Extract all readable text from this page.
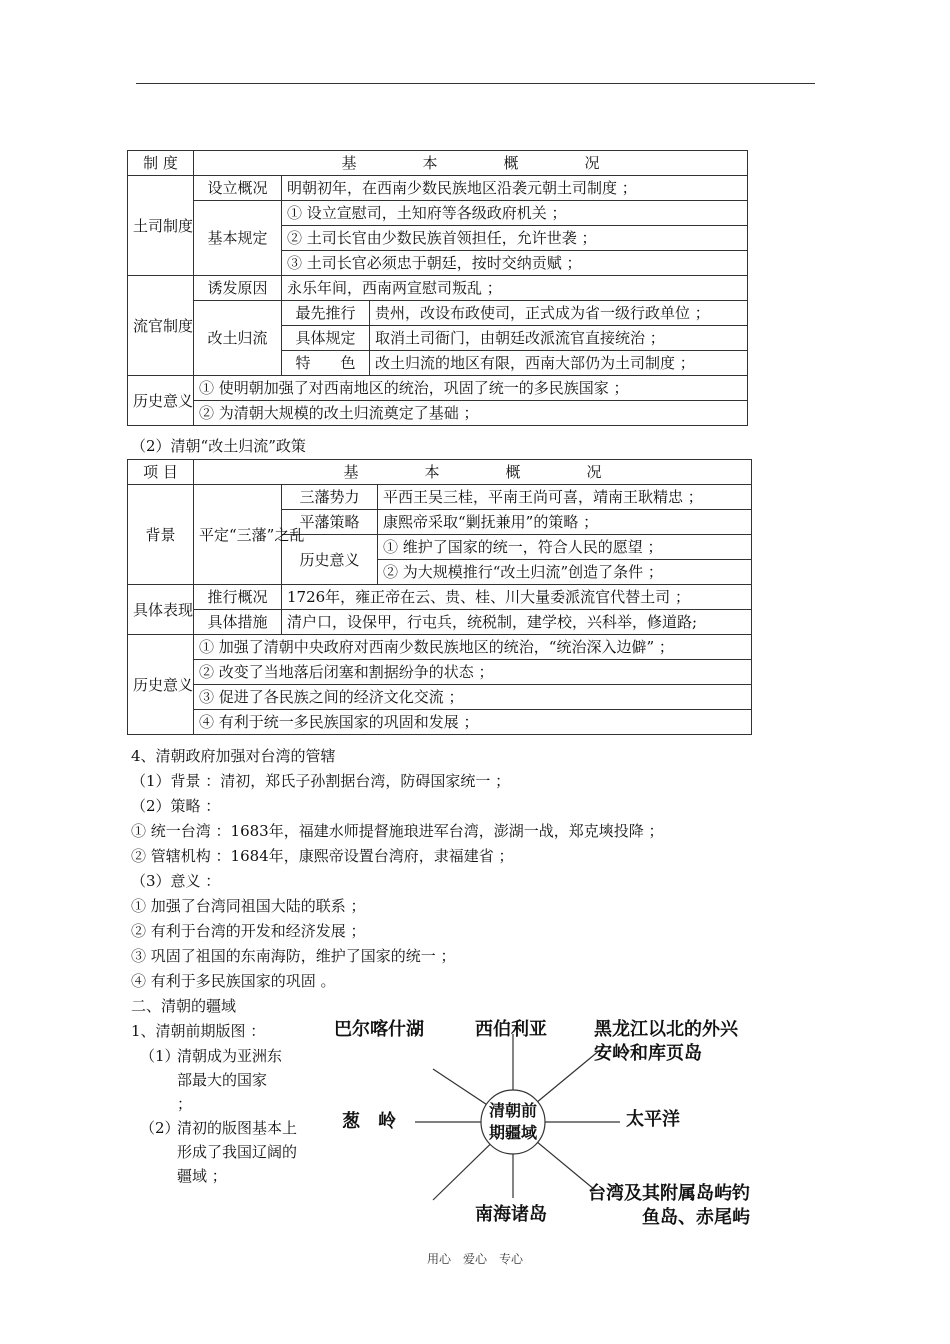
制 度	基 本 概 况		
土司制度	设立概况	明朝初年，在西南少数民族地区沿袭元朝土司制度 ；	
	基本规定	① 设立宣慰司，土知府等各级政府机关 ；	
		② 土司长官由少数民族首领担任，允许世袭 ；	
		③ 土司长官必须忠于朝廷，按时交纳贡赋 ；	
流官制度	诱发原因	永乐年间，西南两宣慰司叛乱 ；	
	改土归流	最先推行	贵州，改设布政使司，正式成为省一级行政单位 ；
		具体规定	取消土司衙门，由朝廷改派流官直接统治 ；
		特　　色	改土归流的地区有限，西南大部仍为土司制度 ；
历史意义	① 使明朝加强了对西南地区的统治，巩固了统一的多民族国家 ；		
	② 为清朝大规模的改土归流奠定了基础 ；		
（2）清朝“改土归流”政策
项 目	基 本 概 况		
背景	平定“三藩”之乱	三藩势力	平西王吴三桂，平南王尚可喜，靖南王耿精忠 ；
		平藩策略	康熙帝采取“剿抚兼用”的策略 ；
		历史意义	① 维护了国家的统一，符合人民的愿望 ；
			② 为大规模推行“改土归流”创造了条件 ；
具体表现	推行概况	1726年，雍正帝在云、贵、桂、川大量委派流官代替土司 ；	
	具体措施	清户口，设保甲，行屯兵，统税制，建学校，兴科举，修道路;	
历史意义	① 加强了清朝中央政府对西南少数民族地区的统治，“统治深入边僻” ；		
	② 改变了当地落后闭塞和割据纷争的状态 ；		
	③ 促进了各民族之间的经济文化交流 ；		
	④ 有利于统一多民族国家的巩固和发展 ；		
4、清朝政府加强对台湾的管辖
（1）背景 ：清初，郑氏子孙割据台湾，防碍国家统一 ；
（2）策略 ：
① 统一台湾 ：1683年，福建水师提督施琅进军台湾，澎湖一战，郑克塽投降 ；
② 管辖机构 ：1684年，康熙帝设置台湾府，隶福建省 ；
（3）意义 ：
① 加强了台湾同祖国大陆的联系 ；
② 有利于台湾的开发和经济发展 ；
③ 巩固了祖国的东南海防，维护了国家的统一 ；
④ 有利于多民族国家的巩固 。
二、清朝的疆域
1、清朝前期版图 ：
（1）
清朝成为亚洲东部最大的国家 ；
（2）
清初的版图基本上形成了我国辽阔的疆域 ；
清朝前期疆域
巴尔喀什湖	西伯利亚	黑龙江以北的外兴安岭和库页岛
葱　岭	太平洋
台湾及其附属岛屿钓鱼岛、赤尾屿
南海诸岛
用心 爱心 专心
